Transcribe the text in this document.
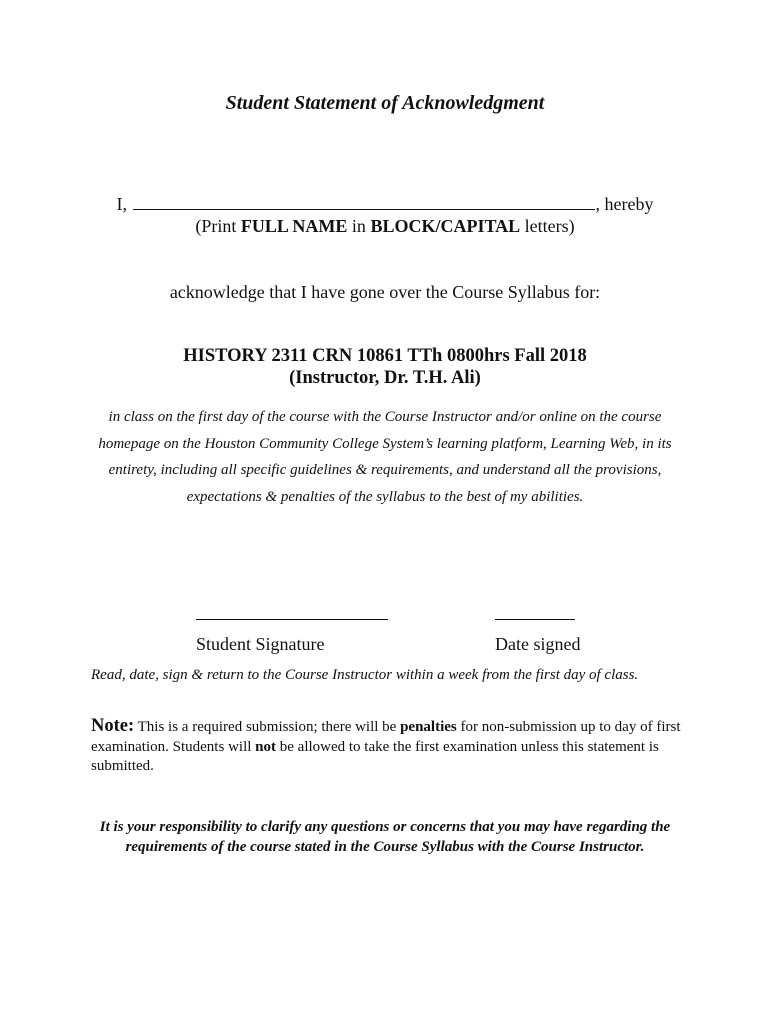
Student Statement of Acknowledgment
I,	, hereby
(Print FULL NAME in BLOCK/CAPITAL letters)
acknowledge that I have gone over the Course Syllabus for:
HISTORY 2311 CRN 10861 TTh 0800hrs Fall 2018
(Instructor, Dr. T.H. Ali)
in class on the first day of the course with the Course Instructor and/or online on the course homepage on the Houston Community College System’s learning platform, Learning Web, in its entirety, including all specific guidelines & requirements, and understand all the provisions, expectations & penalties of the syllabus to the best of my abilities.
Student Signature	Date signed
Read, date, sign & return to the Course Instructor within a week from the first day of class.
Note: This is a required submission; there will be penalties for non-submission up to day of first examination. Students will not be allowed to take the first examination unless this statement is submitted.
It is your responsibility to clarify any questions or concerns that you may have regarding the requirements of the course stated in the Course Syllabus with the Course Instructor.
